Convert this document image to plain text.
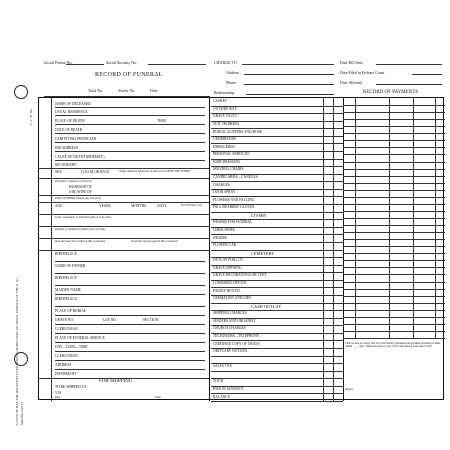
CAUTION: HAS THE DECEDENT EVER SERVED IN MILITARY OR NAVAL SERVICE OF THE U. S.? Manufactured by
C. F. N. No.
Social Permit No.	Social Security No.
RECORD OF FUNERAL
Total No.	Yearly No.	Date
CHARGE TO
Address
Phone
Relationship
Date Bill Sent
Date Filed in Probate Court
Date Allowed
NAME OF DECEASED
USUAL RESIDENCE
PLACE OF DEATH	TIME
DATE OF DEATH
CERTIFYING PHYSICIAN
HIS ADDRESS
CAUSE OF DEATH (PRIMARY)
SECONDARY
SEX	COLOR OR RACE	Single, Married, Widowed, or Divorced (WRITE THE WORD)
If married, widowed or divorced
HUSBAND OF
(OR) WIFE OF
DATE OF BIRTH (month, day and year)
AGE	YEARS	MONTHS	DAYS	If LESS than 1 day
Trade, profession, or particular kind of work done
Industry or business in which work was done
Date deceased last worked at this occupation	Total time (years) spent in this occupation
BIRTHPLACE
NAME OF FATHER
BIRTHPLACE
MAIDEN NAME
BIRTHPLACE
PLACE OF BURIAL
GRAVE NO.	LOT NO.	SECTION
CLERGYMAN
PLACE OF FUNERAL SERVICE
DAY—DATE—TIME
CLERGYMAN
ADDRESS
INFORMANT
FOR SHIPPING
TO BE SHIPPED TO
VIA
Date	Time
CASKET
OUTSIDE BOX
GRAVE VAULT
SUIT OR DRESS
BURIAL SLIPPERS AND HOSE
UNDERWEAR
EMBALMING
PERSONAL SERVICES
HAIR DRESSING
HOLDING CHAIRS
CANDELABRA—CANDLES
CHARGES
DOOR SPRAY
FLOWERS AND FALLING
PALL BEARERS' GLOVES
LIVERY
HEARSE FOR FUNERAL
LIMOUSINES
HEARSE
FLOWER CAR
CEMETERY
OUTLAY FOR LOT
GRAVE OPENING
GRAVE DECORATIONS OR TENT
LOWERING DEVICE
FAMILY RENTAL
CREMATION AND URN
CASH OUTLAY
SHIPPING CHARGES
SINGERS AND ORGANIST
CHURCH CHARGES
TELEGRAMS—TELEPHONE
CERTIFIED COPY OF DEATH
OBITUARY NOTICES
SALES TAX
TOTAL
PAID IN ADVANCE
BALANCE
RECORD OF PAYMENTS
This account is correct and I (or We) hereby guarantee and promise payment of same within ____ days. Otherwise agree to pay 6 per cent interest from date of bill.
Signed
